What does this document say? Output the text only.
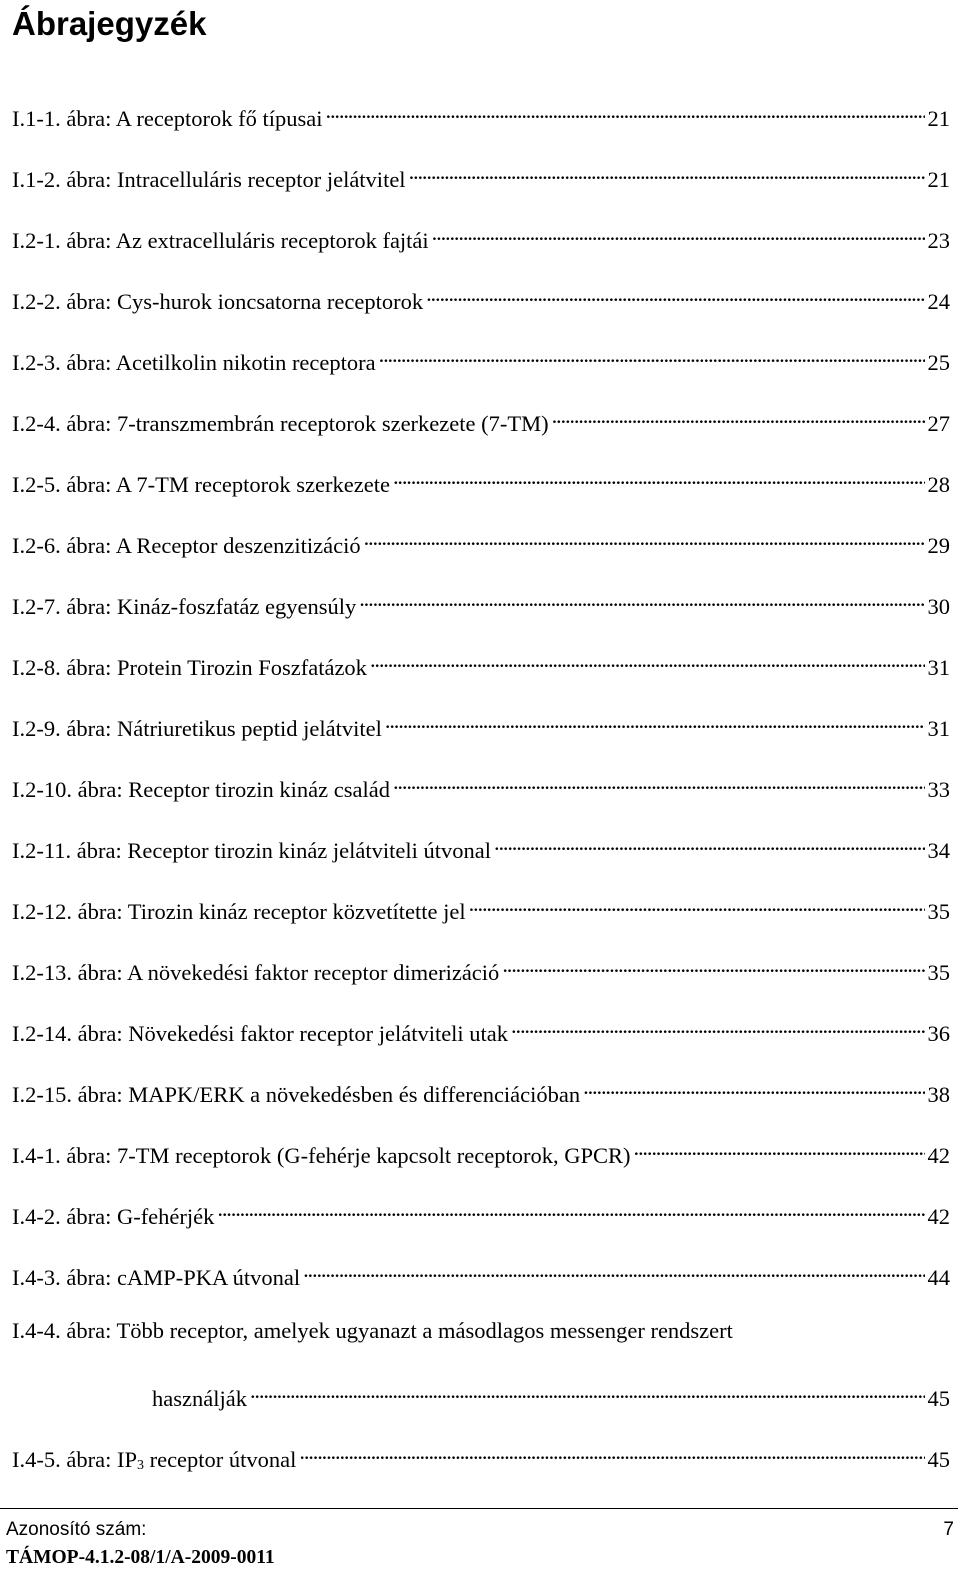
Ábrajegyzék
I.1-1. ábra: A receptorok fő típusai . . .	21
I.1-2. ábra: Intracelluláris receptor jelátvitel . . .	21
I.2-1. ábra: Az extracelluláris receptorok fajtái . . .	23
I.2-2. ábra: Cys-hurok ioncsatorna receptorok . . .	24
I.2-3. ábra: Acetilkolin nikotin receptora . . .	25
I.2-4. ábra: 7-transzmembrán receptorok szerkezete (7-TM) . . .	27
I.2-5. ábra: A 7-TM receptorok szerkezete . . .	28
I.2-6. ábra: A Receptor deszenzitizáció . . .	29
I.2-7. ábra: Kináz-foszfatáz egyensúly . . .	30
I.2-8. ábra: Protein Tirozin Foszfatázok . . .	31
I.2-9. ábra: Nátriuretikus peptid jelátvitel . . .	31
I.2-10. ábra: Receptor tirozin kináz család . . .	33
I.2-11. ábra: Receptor tirozin kináz jelátviteli útvonal . . .	34
I.2-12. ábra: Tirozin kináz receptor közvetítette jel . . .	35
I.2-13. ábra: A növekedési faktor receptor dimerizáció . . .	35
I.2-14. ábra: Növekedési faktor receptor jelátviteli utak . . .	36
I.2-15. ábra: MAPK/ERK a növekedésben és differenciációban . . .	38
I.4-1. ábra: 7-TM receptorok (G-fehérje kapcsolt receptorok, GPCR) . . .	42
I.4-2. ábra: G-fehérjék . . .	42
I.4-3. ábra: cAMP-PKA útvonal . . .	44
I.4-4. ábra: Több receptor, amelyek ugyanazt a másodlagos messenger rendszert
használják . . .	45
I.4-5. ábra: $IP_3$ receptor útvonal . . .	45
Azonosító szám:	7
TÁMOP-4.1.2-08/1/A-2009-0011
